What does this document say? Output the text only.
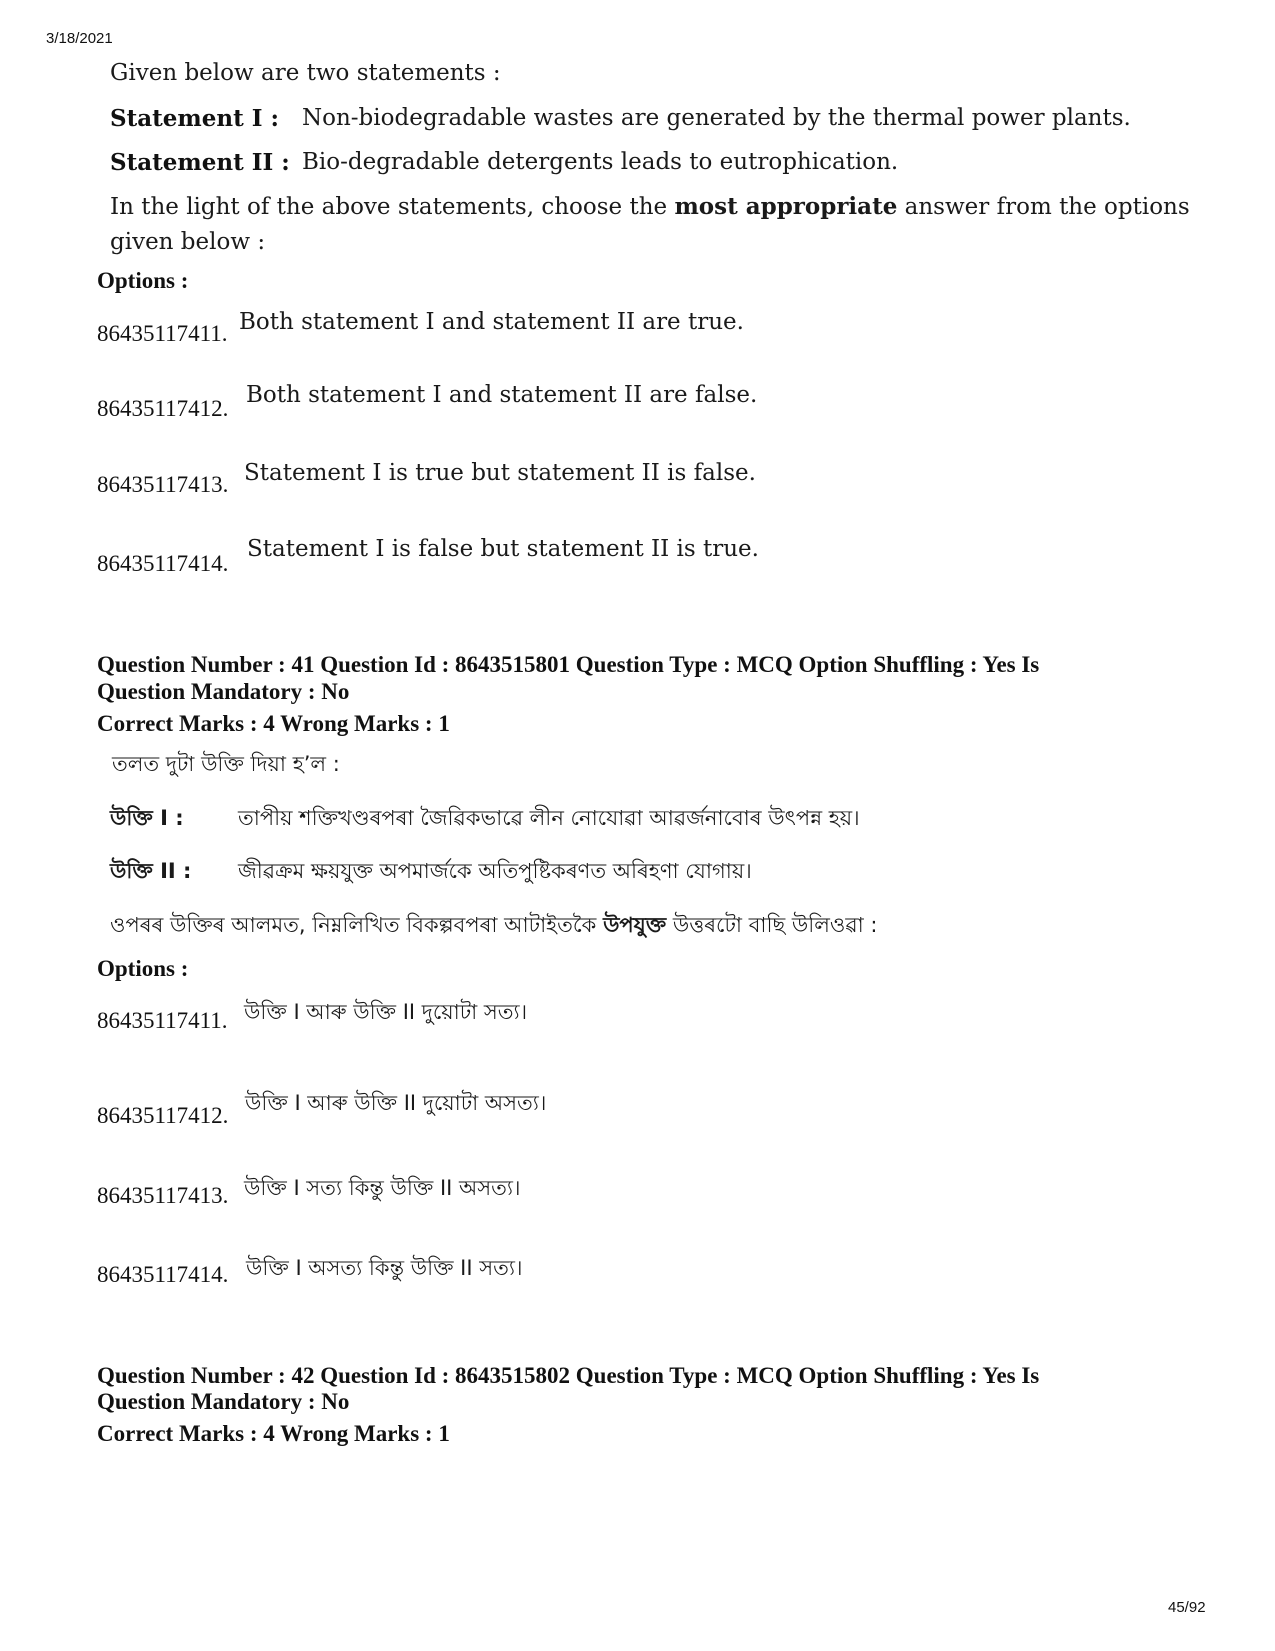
3/18/2021
45/92
Given below are two statements :
Statement I : Non-biodegradable wastes are generated by the thermal power plants.
Statement II : Bio-degradable detergents leads to eutrophication.
In the light of the above statements, choose the most appropriate answer from the options
given below :
Options :
86435117411. Both statement I and statement II are true.
86435117412.
Both statement I and statement II are false.
86435117413. Statement I is true but statement II is false.
86435117414.
Statement I is false but statement II is true.
Question Number : 41 Question Id : 8643515801 Question Type : MCQ Option Shuffling : Yes Is
Question Mandatory : No
Correct Marks : 4 Wrong Marks : 1
তলত দুটা উক্তি দিয়া হ’ল :
উক্তি I :	তাপীয় শক্তিখণ্ডৰপৰা জৈৱিকভাৱে লীন নোযোৱা আৱৰ্জনাবোৰ উৎপন্ন হয়।
উক্তি II : জীৱক্ৰম ক্ষয়যুক্ত অপমাৰ্জকে অতিপুষ্টিকৰণত অৰিহণা যোগায়।
ওপৰৰ উক্তিৰ আলমত, নিম্নলিখিত বিকল্পবপৰা আটাইতকৈ উপযুক্ত উত্তৰটো বাছি উলিওৱা :
Options :
86435117411. উক্তি I আৰু উক্তি II দুয়োটা সত্য।
86435117412. উক্তি I আৰু উক্তি II দুয়োটা অসত্য।
86435117413. উক্তি I সত্য কিন্তু উক্তি II অসত্য।
86435117414. উক্তি I অসত্য কিন্তু উক্তি II সত্য।
Question Number : 42 Question Id : 8643515802 Question Type : MCQ Option Shuffling : Yes Is
Question Mandatory : No
Correct Marks : 4 Wrong Marks : 1
